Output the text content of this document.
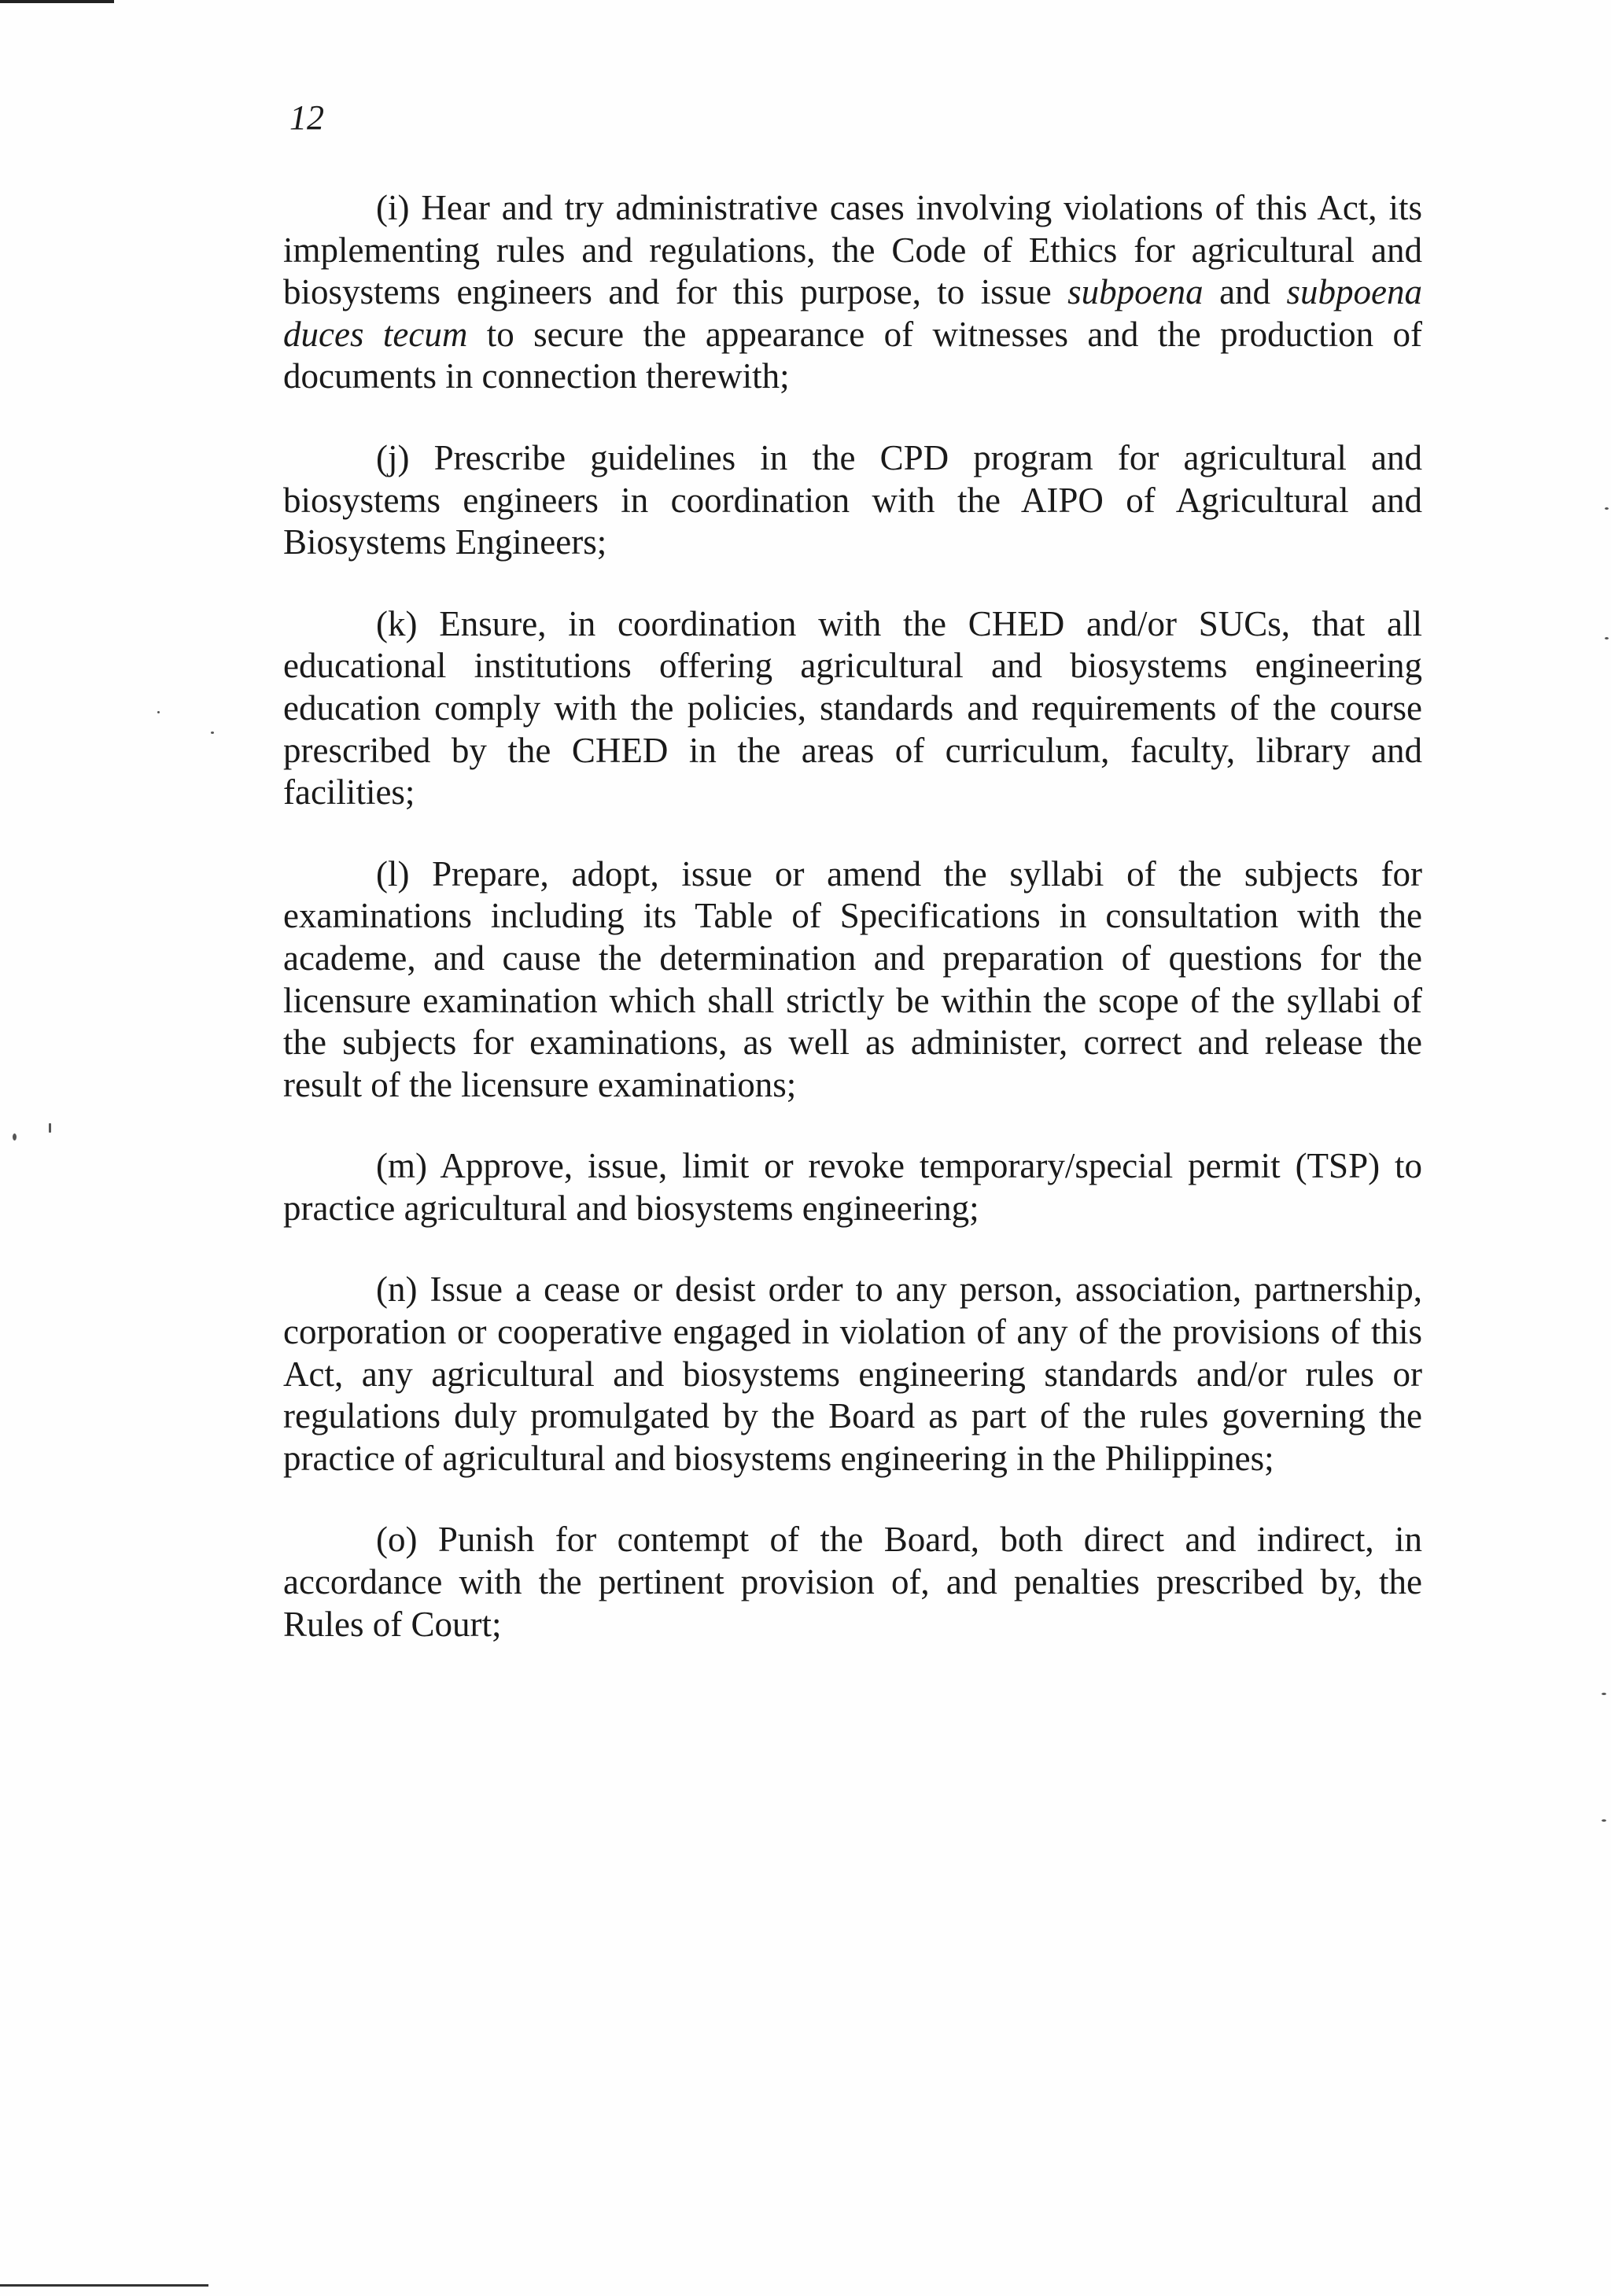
12

(i) Hear and try administrative cases involving violations of this Act, its implementing rules and regulations, the Code of Ethics for agricultural and biosystems engineers and for this purpose, to issue subpoena and subpoena duces tecum to secure the appearance of witnesses and the production of documents in connection therewith;

(j) Prescribe guidelines in the CPD program for agricultural and biosystems engineers in coordination with the AIPO of Agricultural and Biosystems Engineers;

(k) Ensure, in coordination with the CHED and/or SUCs, that all educational institutions offering agricultural and biosystems engineering education comply with the policies, standards and requirements of the course prescribed by the CHED in the areas of curriculum, faculty, library and facilities;

(l) Prepare, adopt, issue or amend the syllabi of the subjects for examinations including its Table of Specifications in consultation with the academe, and cause the determination and preparation of questions for the licensure examination which shall strictly be within the scope of the syllabi of the subjects for examinations, as well as administer, correct and release the result of the licensure examinations;

(m) Approve, issue, limit or revoke temporary/special permit (TSP) to practice agricultural and biosystems engineering;

(n) Issue a cease or desist order to any person, association, partnership, corporation or cooperative engaged in violation of any of the provisions of this Act, any agricultural and biosystems engineering standards and/or rules or regulations duly promulgated by the Board as part of the rules governing the practice of agricultural and biosystems engineering in the Philippines;

(o) Punish for contempt of the Board, both direct and indirect, in accordance with the pertinent provision of, and penalties prescribed by, the Rules of Court;
